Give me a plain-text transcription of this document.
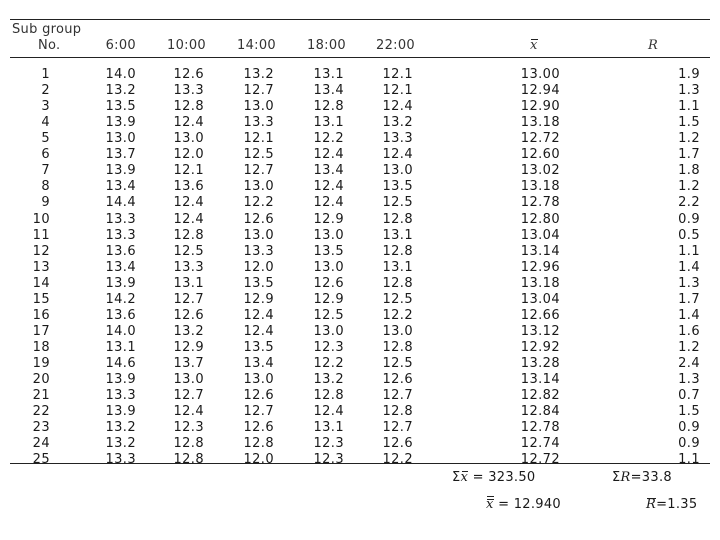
Sub group
No.	6:00	10:00	14:00	18:00	22:00	x	R
1	14.0	12.6	13.2	13.1	12.1	13.00	1.9
2	13.2	13.3	12.7	13.4	12.1	12.94	1.3
3	13.5	12.8	13.0	12.8	12.4	12.90	1.1
4	13.9	12.4	13.3	13.1	13.2	13.18	1.5
5	13.0	13.0	12.1	12.2	13.3	12.72	1.2
6	13.7	12.0	12.5	12.4	12.4	12.60	1.7
7	13.9	12.1	12.7	13.4	13.0	13.02	1.8
8	13.4	13.6	13.0	12.4	13.5	13.18	1.2
9	14.4	12.4	12.2	12.4	12.5	12.78	2.2
10	13.3	12.4	12.6	12.9	12.8	12.80	0.9
11	13.3	12.8	13.0	13.0	13.1	13.04	0.5
12	13.6	12.5	13.3	13.5	12.8	13.14	1.1
13	13.4	13.3	12.0	13.0	13.1	12.96	1.4
14	13.9	13.1	13.5	12.6	12.8	13.18	1.3
15	14.2	12.7	12.9	12.9	12.5	13.04	1.7
16	13.6	12.6	12.4	12.5	12.2	12.66	1.4
17	14.0	13.2	12.4	13.0	13.0	13.12	1.6
18	13.1	12.9	13.5	12.3	12.8	12.92	1.2
19	14.6	13.7	13.4	12.2	12.5	13.28	2.4
20	13.9	13.0	13.0	13.2	12.6	13.14	1.3
21	13.3	12.7	12.6	12.8	12.7	12.82	0.7
22	13.9	12.4	12.7	12.4	12.8	12.84	1.5
23	13.2	12.3	12.6	13.1	12.7	12.78	0.9
24	13.2	12.8	12.8	12.3	12.6	12.74	0.9
25	13.3	12.8	12.0	12.3	12.2	12.72	1.1
Σx = 323.50	ΣR=33.8
x = 12.940	R=1.35
